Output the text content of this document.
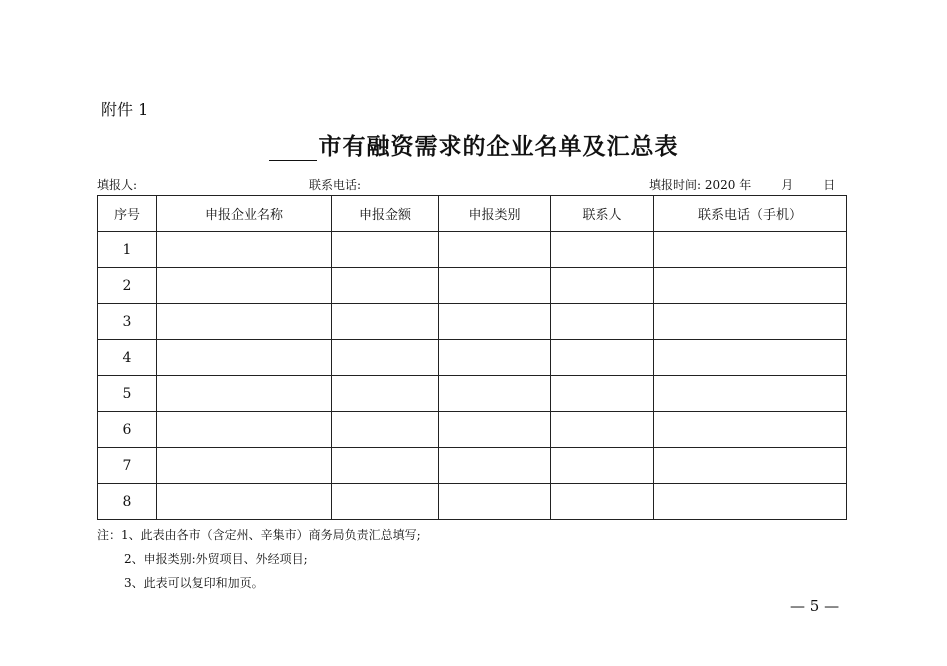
附件 1
市有融资需求的企业名单及汇总表
填报人:	联系电话:	填报时间: 2020 年	月	日
序号	申报企业名称	申报金额	申报类别	联系人	联系电话（手机）
1					
2					
3					
4					
5					
6					
7					
8					
注：1、此表由各市（含定州、辛集市）商务局负责汇总填写;
2、申报类别:外贸项目、外经项目;
3、此表可以复印和加页。
— 5 —
